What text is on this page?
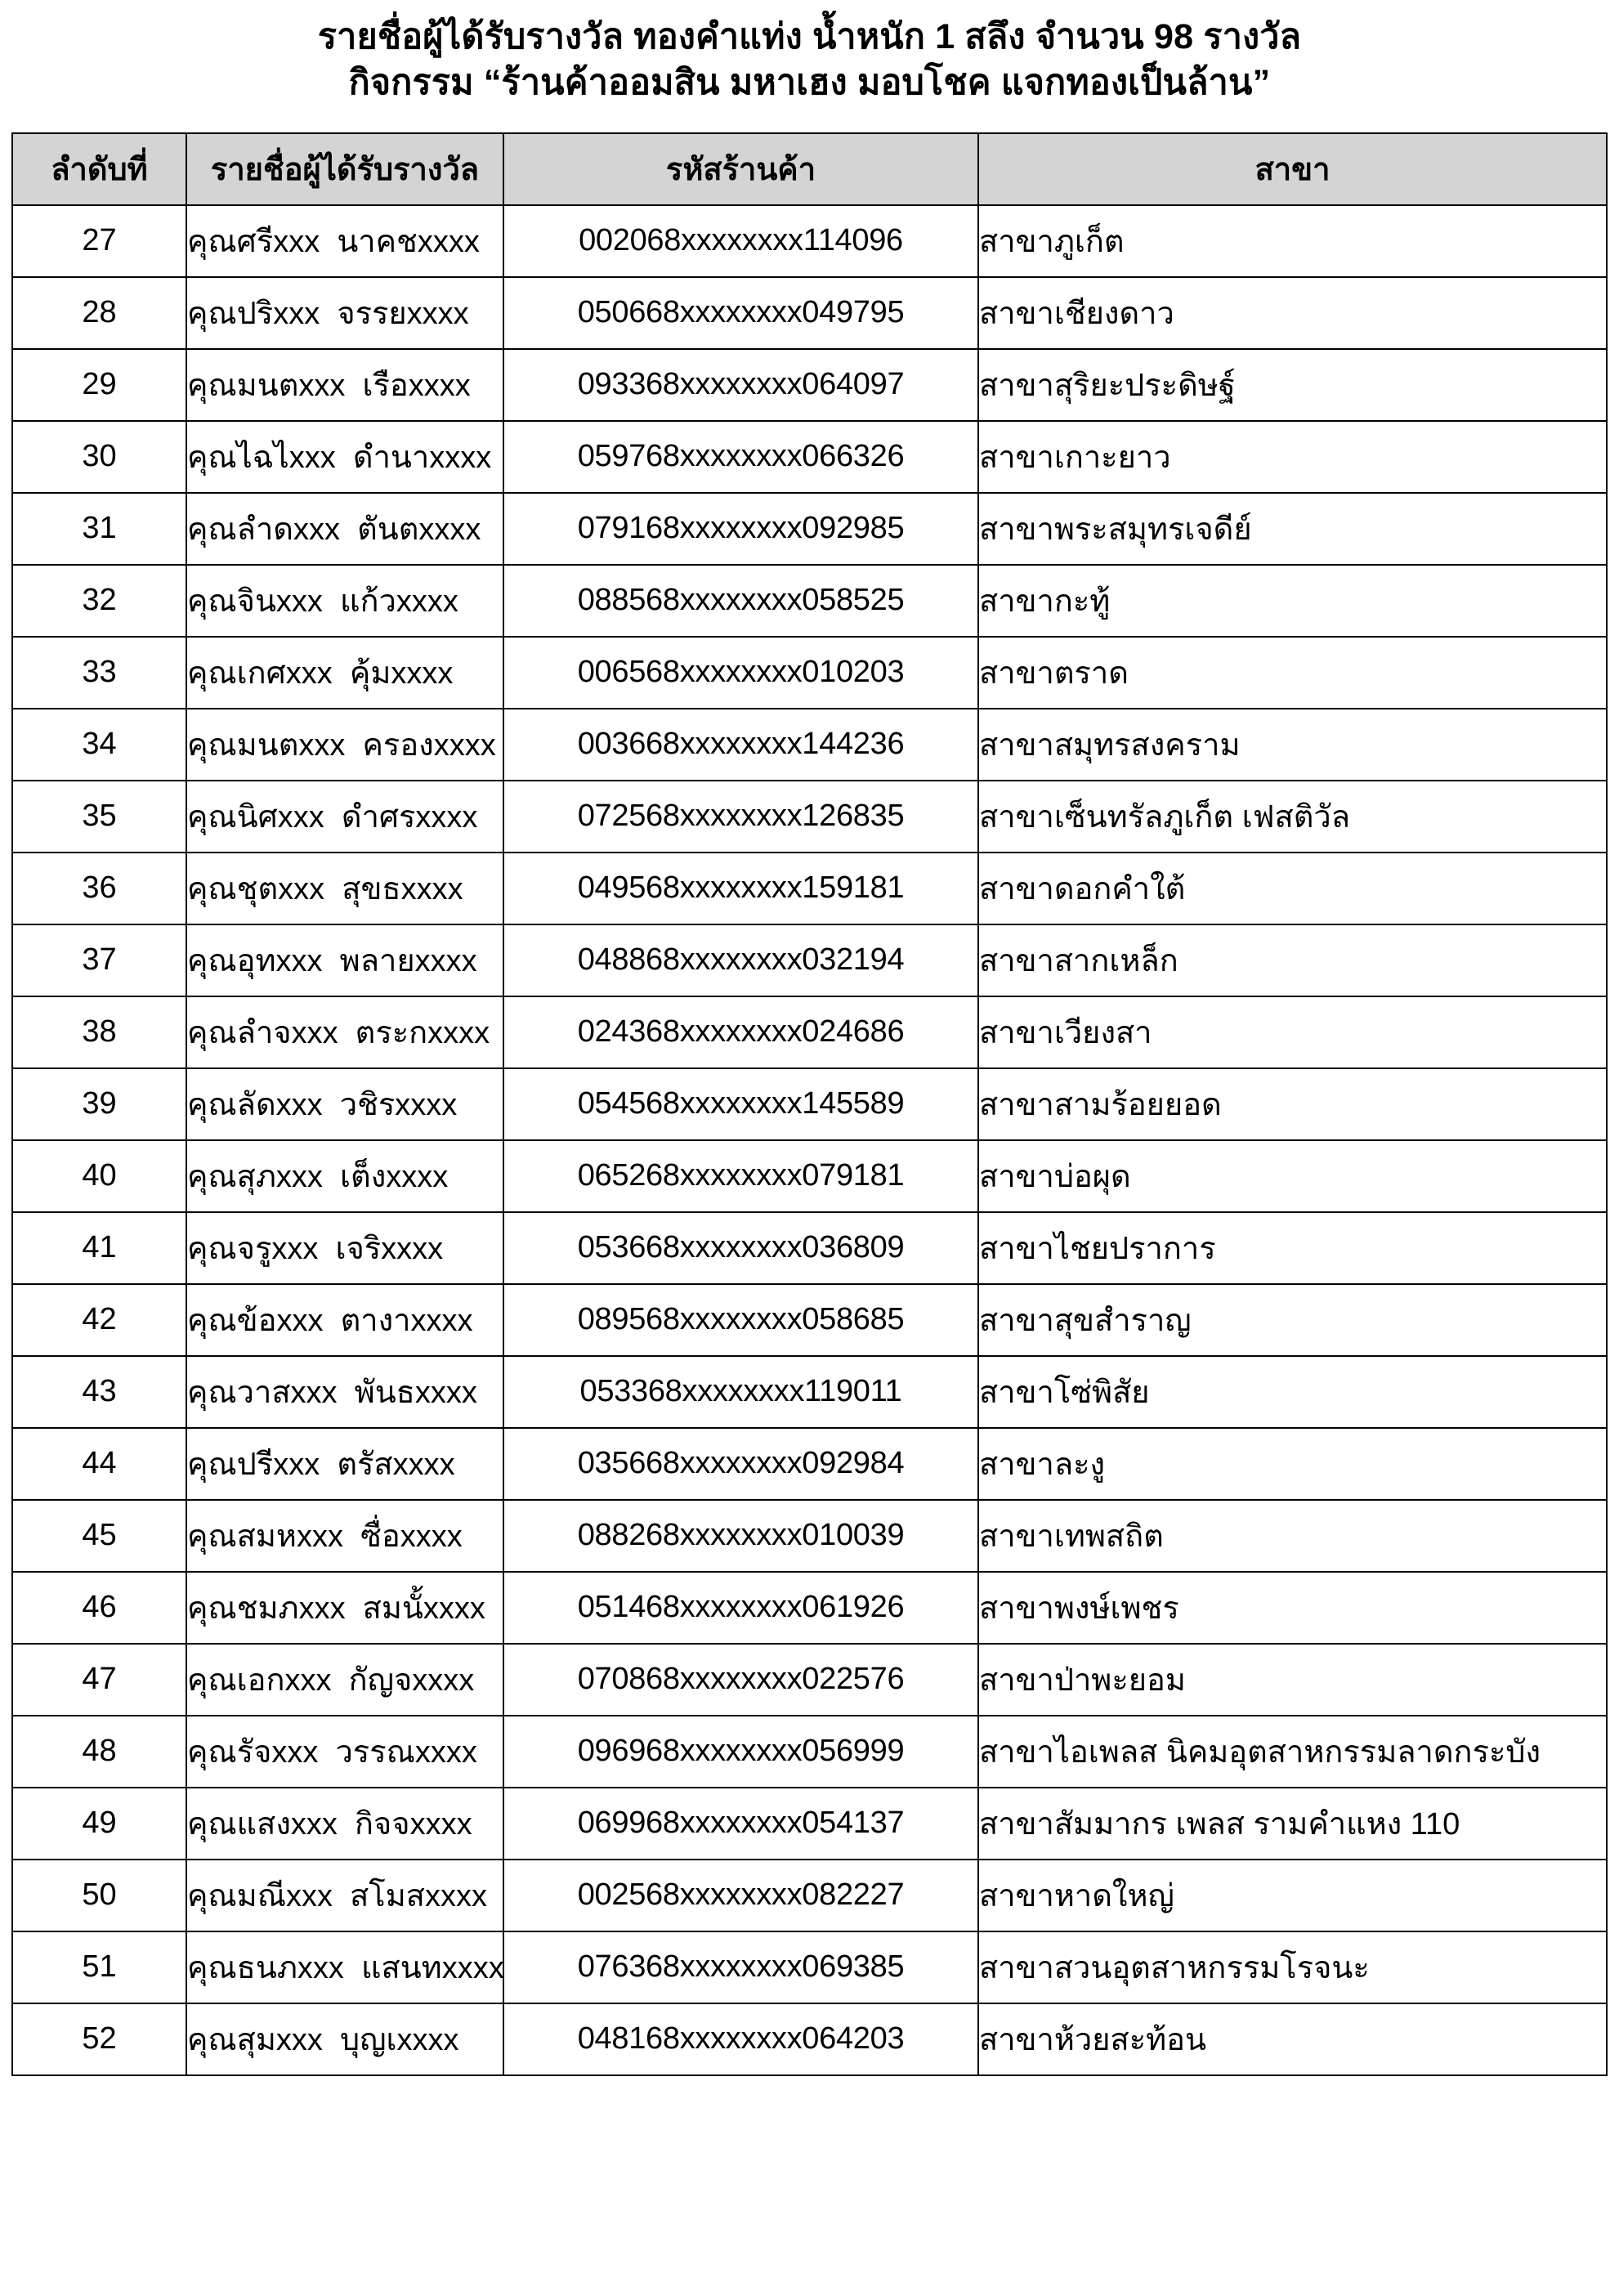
รายชื่อผู้ได้รับรางวัล ทองคำแท่ง น้ำหนัก 1 สลึง จำนวน 98 รางวัล
กิจกรรม “ร้านค้าออมสิน มหาเฮง มอบโชค แจกทองเป็นล้าน”
ลำดับที่	รายชื่อผู้ได้รับรางวัล	รหัสร้านค้า	สาขา
27	คุณศรีxxx  นาคชxxxx	002068xxxxxxxx114096	สาขาภูเก็ต
28	คุณปริxxx  จรรยxxxx	050668xxxxxxxx049795	สาขาเชียงดาว
29	คุณมนตxxx  เรือxxxx	093368xxxxxxxx064097	สาขาสุริยะประดิษฐ์
30	คุณไฉไxxx  ดำนาxxxx	059768xxxxxxxx066326	สาขาเกาะยาว
31	คุณลำดxxx  ตันตxxxx	079168xxxxxxxx092985	สาขาพระสมุทรเจดีย์
32	คุณจินxxx  แก้วxxxx	088568xxxxxxxx058525	สาขากะทู้
33	คุณเกศxxx  คุ้มxxxx	006568xxxxxxxx010203	สาขาตราด
34	คุณมนตxxx  ครองxxxx	003668xxxxxxxx144236	สาขาสมุทรสงคราม
35	คุณนิศxxx  ดำศรxxxx	072568xxxxxxxx126835	สาขาเซ็นทรัลภูเก็ต เฟสติวัล
36	คุณชุตxxx  สุขธxxxx	049568xxxxxxxx159181	สาขาดอกคำใต้
37	คุณอุทxxx  พลายxxxx	048868xxxxxxxx032194	สาขาสากเหล็ก
38	คุณลำจxxx  ตระกxxxx	024368xxxxxxxx024686	สาขาเวียงสา
39	คุณลัดxxx  วชิรxxxx	054568xxxxxxxx145589	สาขาสามร้อยยอด
40	คุณสุภxxx  เต็งxxxx	065268xxxxxxxx079181	สาขาบ่อผุด
41	คุณจรูxxx  เจริxxxx	053668xxxxxxxx036809	สาขาไชยปราการ
42	คุณข้อxxx  ตางาxxxx	089568xxxxxxxx058685	สาขาสุขสำราญ
43	คุณวาสxxx  พันธxxxx	053368xxxxxxxx119011	สาขาโซ่พิสัย
44	คุณปรีxxx  ตรัสxxxx	035668xxxxxxxx092984	สาขาละงู
45	คุณสมหxxx  ซื่อxxxx	088268xxxxxxxx010039	สาขาเทพสถิต
46	คุณชมภxxx  สมนั้xxxx	051468xxxxxxxx061926	สาขาพงษ์เพชร
47	คุณเอกxxx  กัญจxxxx	070868xxxxxxxx022576	สาขาป่าพะยอม
48	คุณรัจxxx  วรรณxxxx	096968xxxxxxxx056999	สาขาไอเพลส นิคมอุตสาหกรรมลาดกระบัง
49	คุณแสงxxx  กิจจxxxx	069968xxxxxxxx054137	สาขาสัมมากร เพลส รามคำแหง 110
50	คุณมณีxxx  สโมสxxxx	002568xxxxxxxx082227	สาขาหาดใหญ่
51	คุณธนภxxx  แสนทxxxx	076368xxxxxxxx069385	สาขาสวนอุตสาหกรรมโรจนะ
52	คุณสุมxxx  บุญเxxxx	048168xxxxxxxx064203	สาขาห้วยสะท้อน
